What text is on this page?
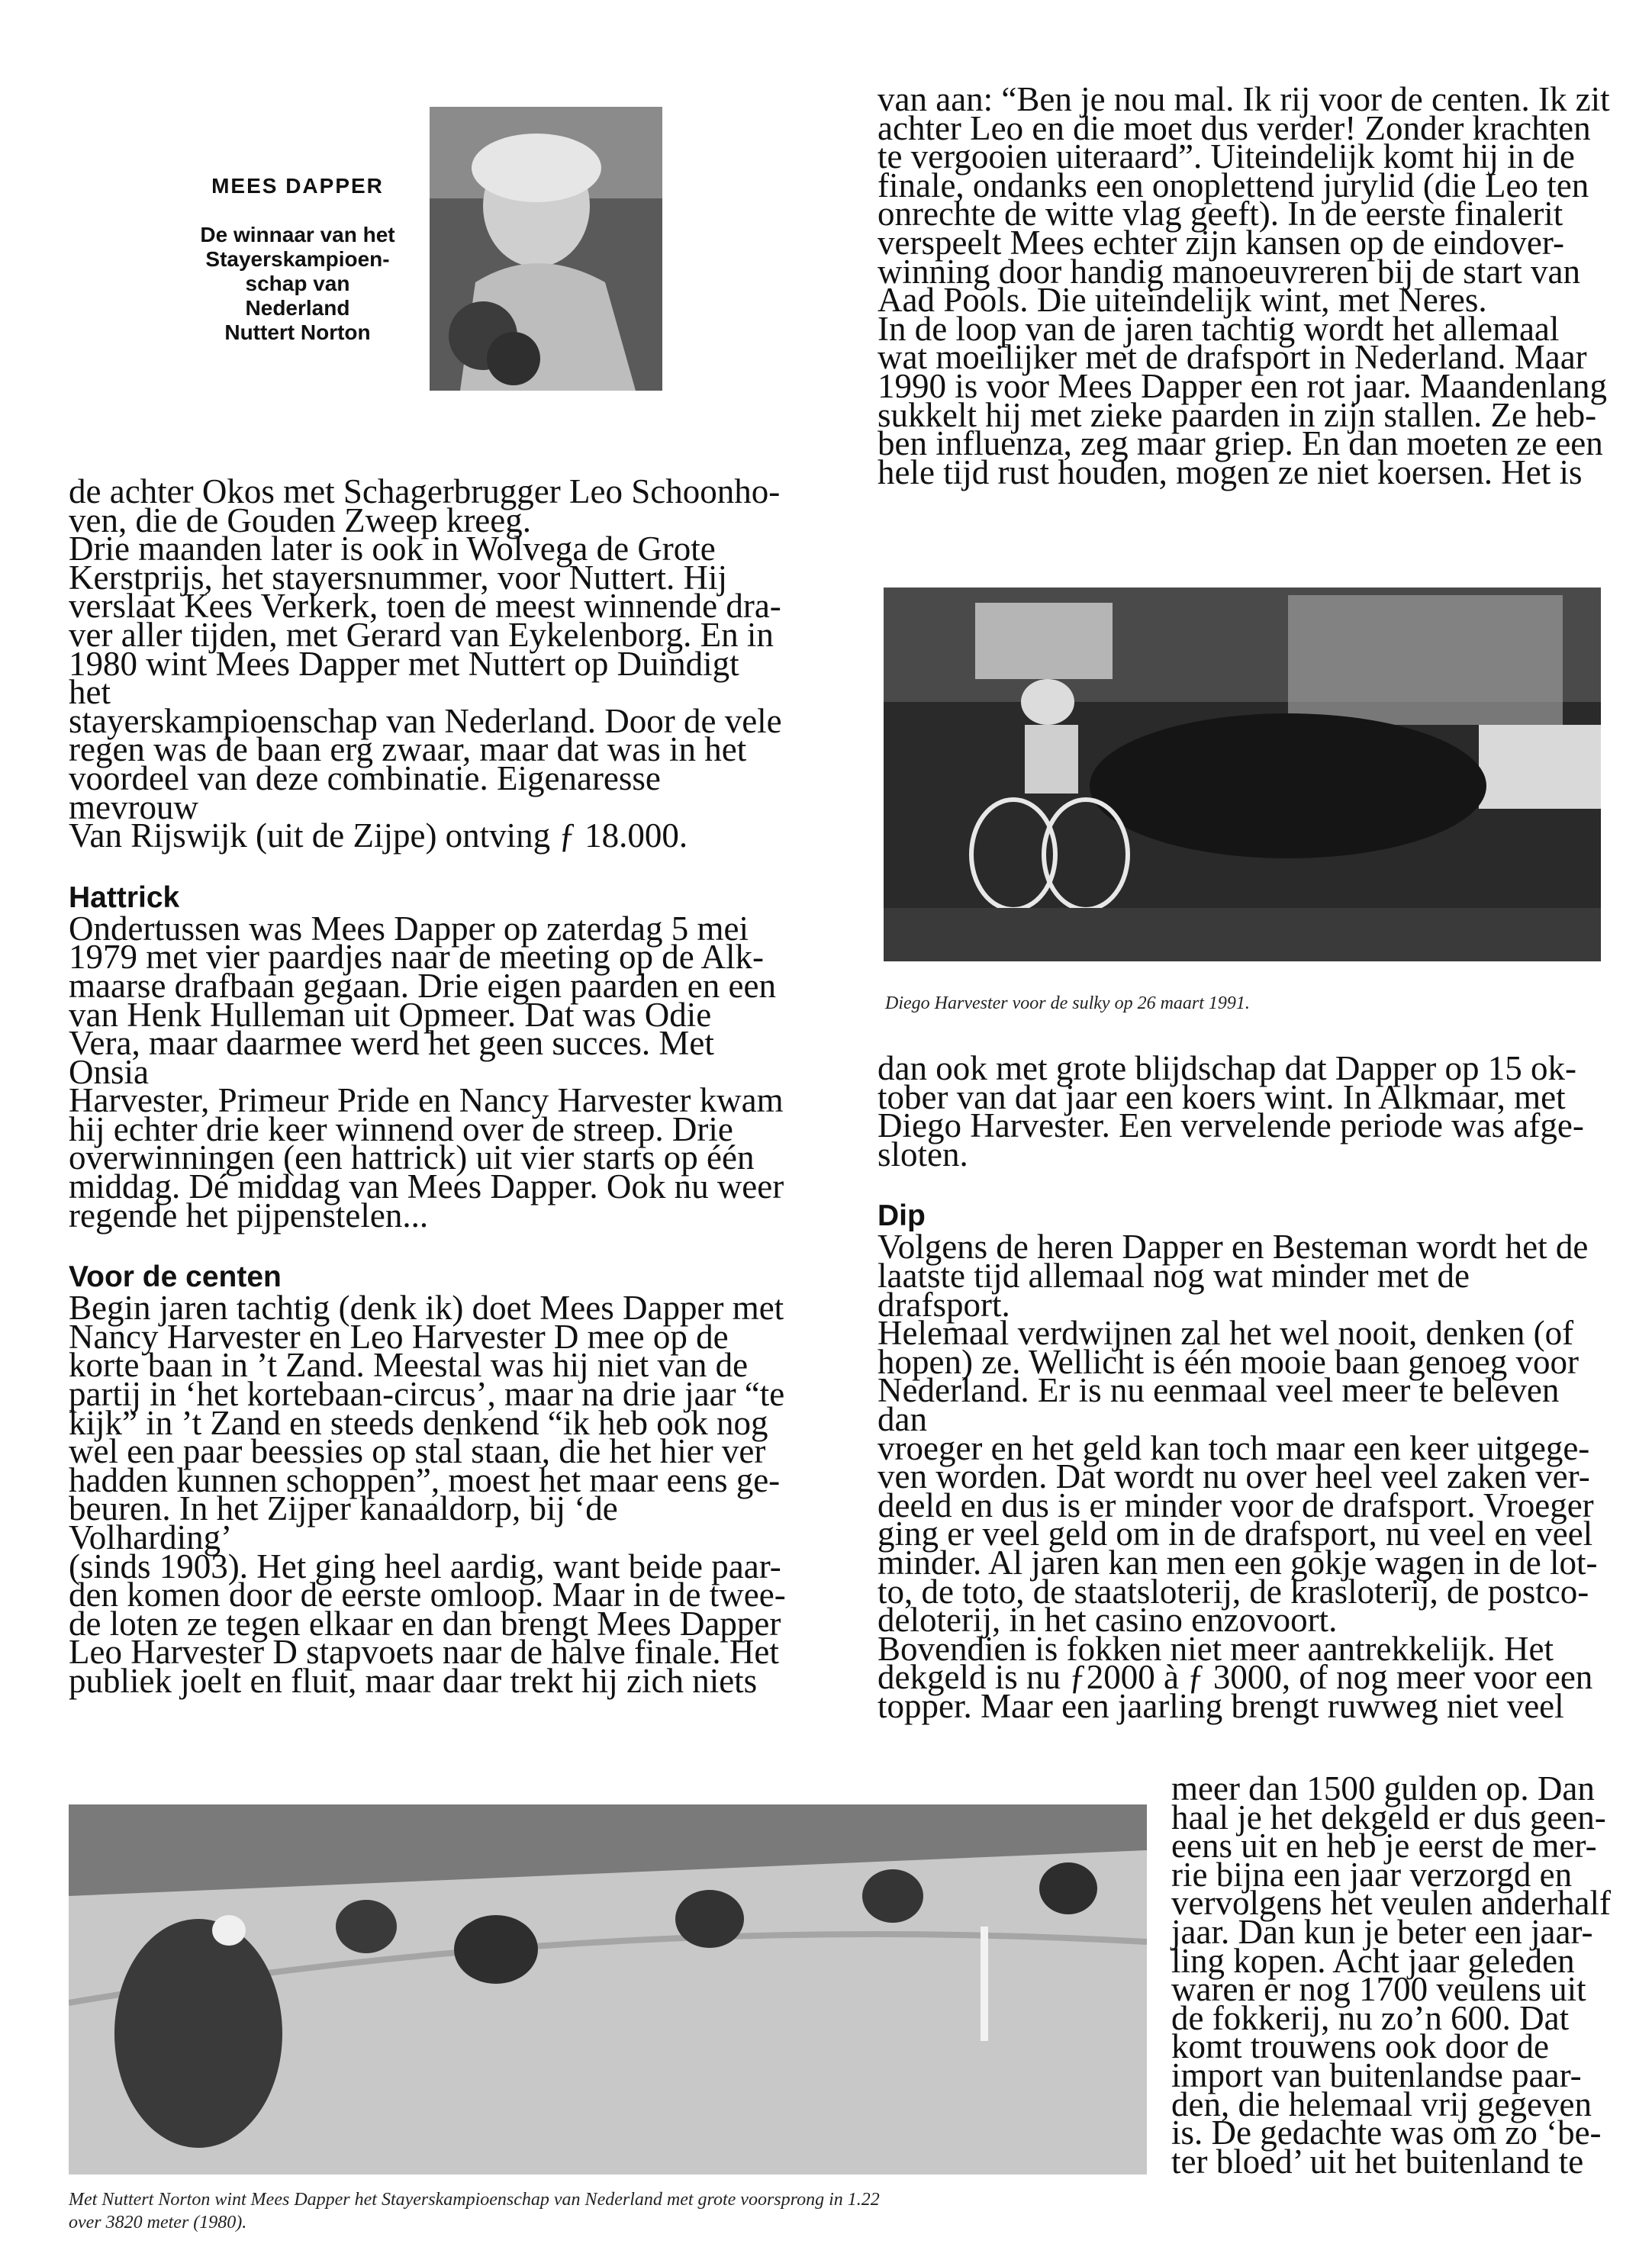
MEES DAPPER

De winnaar van het
Stayerskampioen-
schap van
Nederland
Nuttert Norton

de achter Okos met Schagerbrugger Leo Schoonho-
ven, die de Gouden Zweep kreeg.
Drie maanden later is ook in Wolvega de Grote
Kerstprijs, het stayersnummer, voor Nuttert. Hij
verslaat Kees Verkerk, toen de meest winnende dra-
ver aller tijden, met Gerard van Eykelenborg. En in
1980 wint Mees Dapper met Nuttert op Duindigt het
stayerskampioenschap van Nederland. Door de vele
regen was de baan erg zwaar, maar dat was in het
voordeel van deze combinatie. Eigenaresse mevrouw
Van Rijswijk (uit de Zijpe) ontving ƒ 18.000.

Hattrick

Ondertussen was Mees Dapper op zaterdag 5 mei
1979 met vier paardjes naar de meeting op de Alk-
maarse drafbaan gegaan. Drie eigen paarden en een
van Henk Hulleman uit Opmeer. Dat was Odie
Vera, maar daarmee werd het geen succes. Met Onsia
Harvester, Primeur Pride en Nancy Harvester kwam
hij echter drie keer winnend over de streep. Drie
overwinningen (een hattrick) uit vier starts op één
middag. Dé middag van Mees Dapper. Ook nu weer
regende het pijpenstelen...

Voor de centen

Begin jaren tachtig (denk ik) doet Mees Dapper met
Nancy Harvester en Leo Harvester D mee op de
korte baan in ’t Zand. Meestal was hij niet van de
partij in ‘het kortebaan-circus’, maar na drie jaar “te
kijk” in ’t Zand en steeds denkend “ik heb ook nog
wel een paar beessies op stal staan, die het hier ver
hadden kunnen schoppen”, moest het maar eens ge-
beuren. In het Zijper kanaaldorp, bij ‘de Volharding’
(sinds 1903). Het ging heel aardig, want beide paar-
den komen door de eerste omloop. Maar in de twee-
de loten ze tegen elkaar en dan brengt Mees Dapper
Leo Harvester D stapvoets naar de halve finale. Het
publiek joelt en fluit, maar daar trekt hij zich niets

van aan: “Ben je nou mal. Ik rij voor de centen. Ik zit
achter Leo en die moet dus verder! Zonder krachten
te vergooien uiteraard”. Uiteindelijk komt hij in de
finale, ondanks een onoplettend jurylid (die Leo ten
onrechte de witte vlag geeft). In de eerste finalerit
verspeelt Mees echter zijn kansen op de eindover-
winning door handig manoeuvreren bij de start van
Aad Pools. Die uiteindelijk wint, met Neres.
In de loop van de jaren tachtig wordt het allemaal
wat moeilijker met de drafsport in Nederland. Maar
1990 is voor Mees Dapper een rot jaar. Maandenlang
sukkelt hij met zieke paarden in zijn stallen. Ze heb-
ben influenza, zeg maar griep. En dan moeten ze een
hele tijd rust houden, mogen ze niet koersen. Het is

Diego Harvester voor de sulky op 26 maart 1991.

dan ook met grote blijdschap dat Dapper op 15 ok-
tober van dat jaar een koers wint. In Alkmaar, met
Diego Harvester. Een vervelende periode was afge-
sloten.

Dip

Volgens de heren Dapper en Besteman wordt het de
laatste tijd allemaal nog wat minder met de drafsport.
Helemaal verdwijnen zal het wel nooit, denken (of
hopen) ze. Wellicht is één mooie baan genoeg voor
Nederland. Er is nu eenmaal veel meer te beleven dan
vroeger en het geld kan toch maar een keer uitgege-
ven worden. Dat wordt nu over heel veel zaken ver-
deeld en dus is er minder voor de drafsport. Vroeger
ging er veel geld om in de drafsport, nu veel en veel
minder. Al jaren kan men een gokje wagen in de lot-
to, de toto, de staatsloterij, de krasloterij, de postco-
deloterij, in het casino enzovoort.
Bovendien is fokken niet meer aantrekkelijk. Het
dekgeld is nu ƒ2000 à ƒ 3000, of nog meer voor een
topper. Maar een jaarling brengt ruwweg niet veel

meer dan 1500 gulden op. Dan
haal je het dekgeld er dus geen-
eens uit en heb je eerst de mer-
rie bijna een jaar verzorgd en
vervolgens het veulen anderhalf
jaar. Dan kun je beter een jaar-
ling kopen. Acht jaar geleden
waren er nog 1700 veulens uit
de fokkerij, nu zo’n 600. Dat
komt trouwens ook door de
import van buitenlandse paar-
den, die helemaal vrij gegeven
is. De gedachte was om zo ‘be-
ter bloed’ uit het buitenland te

Met Nuttert Norton wint Mees Dapper het Stayerskampioenschap van Nederland met grote voorsprong in 1.22
over 3820 meter (1980).
